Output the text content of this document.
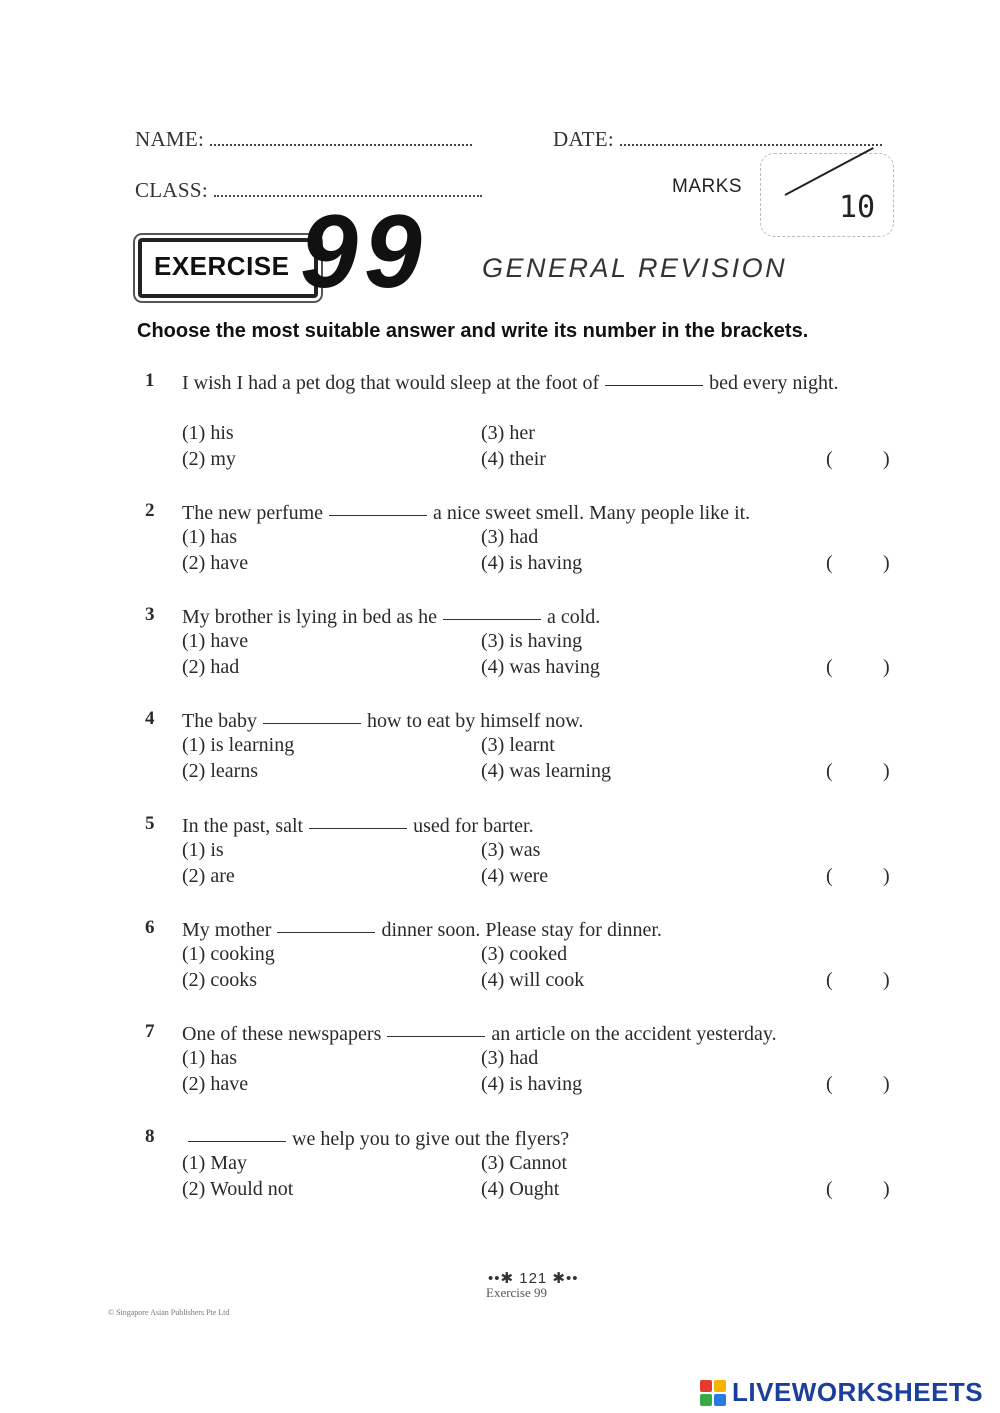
NAME:	DATE:
CLASS:	MARKS
10
EXERCISE 99 GENERAL REVISION
Choose the most suitable answer and write its number in the brackets.
1 I wish I had a pet dog that would sleep at the foot of	bed every night.
(1) his	(3) her
(2) my	(4) their	(	)
2 The new perfume	a nice sweet smell. Many people like it.
(1) has	(3) had
(2) have	(4) is having	(	)
3 My brother is lying in bed as he	a cold.
(1) have	(3) is having
(2) had	(4) was having	(	)
4 The baby	how to eat by himself now.
(1) is learning	(3) learnt
(2) learns	(4) was learning	(	)
5 In the past, salt	used for barter.
(1) is	(3) was
(2) are	(4) were	(	)
6 My mother	dinner soon. Please stay for dinner.
(1) cooking	(3) cooked
(2) cooks	(4) will cook	(	)
7 One of these newspapers	an article on the accident yesterday.
(1) has	(3) had
(2) have	(4) is having	(	)
8	we help you to give out the flyers?
(1) May	(3) Cannot
(2) Would not	(4) Ought	(	)
••✱ 121 ✱••
Exercise 99
© Singapore Asian Publishers Pte Ltd
LIVEWORKSHEETS
